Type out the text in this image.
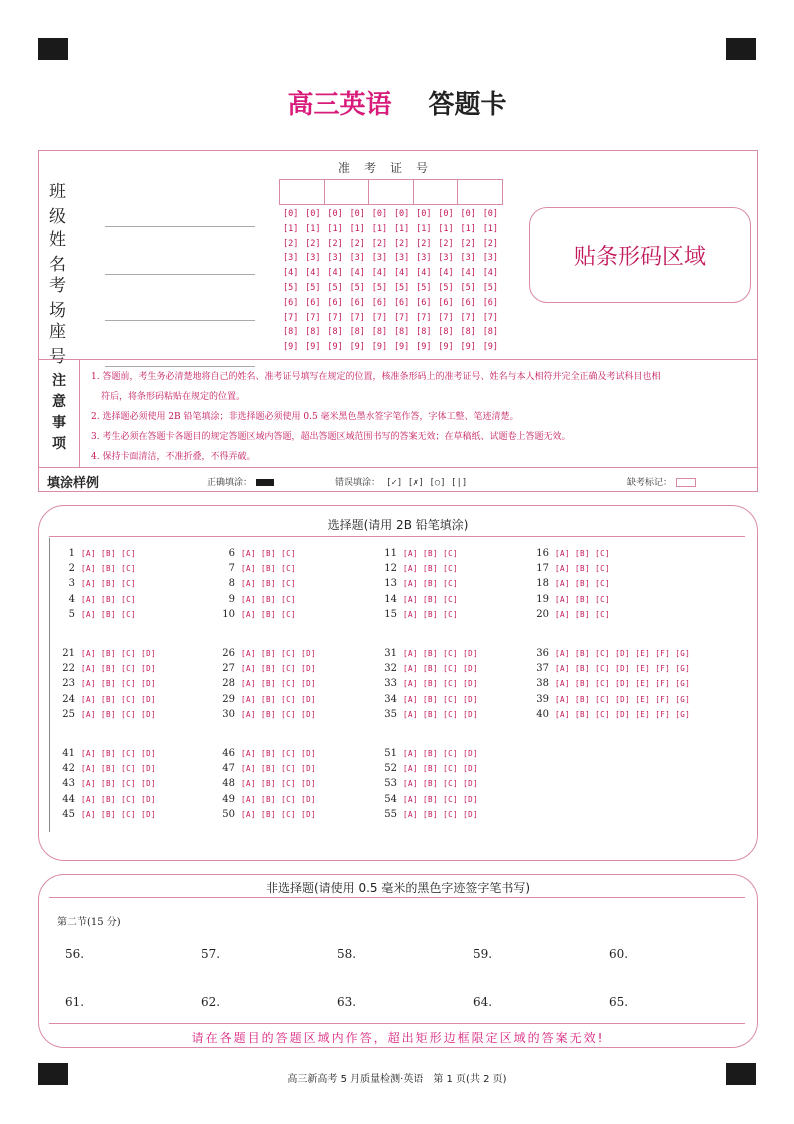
高三英语 答题卡
班级
姓名
考场
座号
准考证号
[0] [0] [0] [0] [0] [0] [0] [0] [0] [0]
[1] [1] [1] [1] [1] [1] [1] [1] [1] [1]
[2] [2] [2] [2] [2] [2] [2] [2] [2] [2]
[3] [3] [3] [3] [3] [3] [3] [3] [3] [3]
[4] [4] [4] [4] [4] [4] [4] [4] [4] [4]
[5] [5] [5] [5] [5] [5] [5] [5] [5] [5]
[6] [6] [6] [6] [6] [6] [6] [6] [6] [6]
[7] [7] [7] [7] [7] [7] [7] [7] [7] [7]
[8] [8] [8] [8] [8] [8] [8] [8] [8] [8]
[9] [9] [9] [9] [9] [9] [9] [9] [9] [9]
贴条形码区域
注
意
事
项

1. 答题前，考生务必清楚地将自己的姓名、准考证号填写在规定的位置，核准条形码上的准考证号、姓名与本人相符并完全正确及考试科目也相

符后，将条形码粘贴在规定的位置。

2. 选择题必须使用 2B 铅笔填涂；非选择题必须使用 0.5 毫米黑色墨水签字笔作答，字体工整、笔迹清楚。

3. 考生必须在答题卡各题目的规定答题区域内答题，超出答题区域范围书写的答案无效；在草稿纸、试题卷上答题无效。

4. 保持卡面清洁，不准折叠，不得弄破。

填涂样例	正确填涂：	错误填涂： [✓] [✗] [○] [|]	缺考标记：
选择题(请用 2B 铅笔填涂)
1 [A] [B] [C]
2 [A] [B] [C]
3 [A] [B] [C]
4 [A] [B] [C]
5 [A] [B] [C]
6 [A] [B] [C]
7 [A] [B] [C]
8 [A] [B] [C]
9 [A] [B] [C]
10 [A] [B] [C]
11 [A] [B] [C]
12 [A] [B] [C]
13 [A] [B] [C]
14 [A] [B] [C]
15 [A] [B] [C]
16 [A] [B] [C]
17 [A] [B] [C]
18 [A] [B] [C]
19 [A] [B] [C]
20 [A] [B] [C]
21 [A] [B] [C] [D]
22 [A] [B] [C] [D]
23 [A] [B] [C] [D]
24 [A] [B] [C] [D]
25 [A] [B] [C] [D]
26 [A] [B] [C] [D]
27 [A] [B] [C] [D]
28 [A] [B] [C] [D]
29 [A] [B] [C] [D]
30 [A] [B] [C] [D]
31 [A] [B] [C] [D]
32 [A] [B] [C] [D]
33 [A] [B] [C] [D]
34 [A] [B] [C] [D]
35 [A] [B] [C] [D]
36 [A] [B] [C] [D] [E] [F] [G]
37 [A] [B] [C] [D] [E] [F] [G]
38 [A] [B] [C] [D] [E] [F] [G]
39 [A] [B] [C] [D] [E] [F] [G]
40 [A] [B] [C] [D] [E] [F] [G]
41 [A] [B] [C] [D]
42 [A] [B] [C] [D]
43 [A] [B] [C] [D]
44 [A] [B] [C] [D]
45 [A] [B] [C] [D]
46 [A] [B] [C] [D]
47 [A] [B] [C] [D]
48 [A] [B] [C] [D]
49 [A] [B] [C] [D]
50 [A] [B] [C] [D]
51 [A] [B] [C] [D]
52 [A] [B] [C] [D]
53 [A] [B] [C] [D]
54 [A] [B] [C] [D]
55 [A] [B] [C] [D]
非选择题(请使用 0.5 毫米的黑色字迹签字笔书写)
第二节(15 分)
56.	57.	58.	59.	60.
61.	62.	63.	64.	65.
请在各题目的答题区域内作答，超出矩形边框限定区域的答案无效!
高三新高考 5 月质量检测·英语　第 1 页(共 2 页)
